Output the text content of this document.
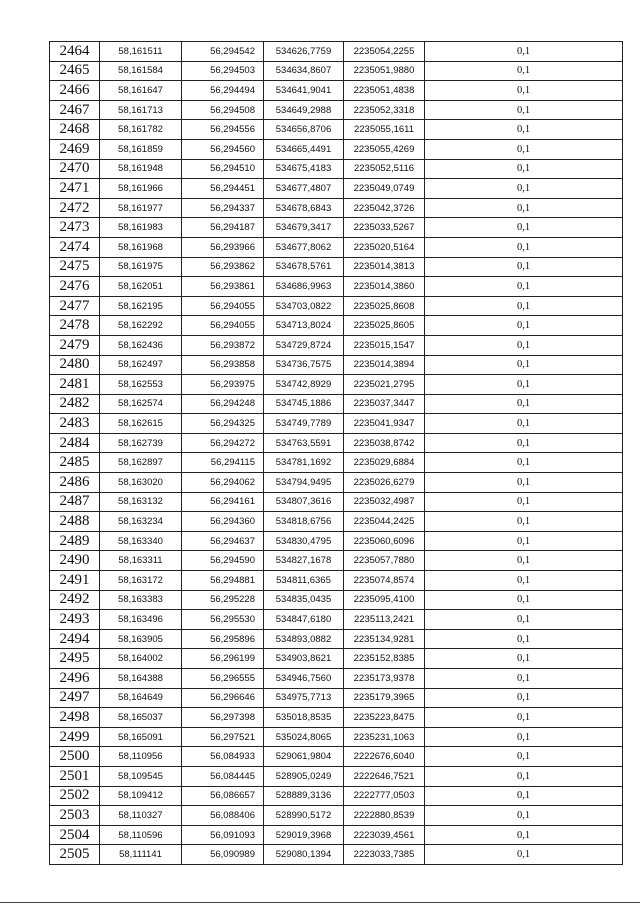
2464	58,161511	56,294542	534626,7759	2235054,2255	0,1
2465	58,161584	56,294503	534634,8607	2235051,9880	0,1
2466	58,161647	56,294494	534641,9041	2235051,4838	0,1
2467	58,161713	56,294508	534649,2988	2235052,3318	0,1
2468	58,161782	56,294556	534656,8706	2235055,1611	0,1
2469	58,161859	56,294560	534665,4491	2235055,4269	0,1
2470	58,161948	56,294510	534675,4183	2235052,5116	0,1
2471	58,161966	56,294451	534677,4807	2235049,0749	0,1
2472	58,161977	56,294337	534678,6843	2235042,3726	0,1
2473	58,161983	56,294187	534679,3417	2235033,5267	0,1
2474	58,161968	56,293966	534677,8062	2235020,5164	0,1
2475	58,161975	56,293862	534678,5761	2235014,3813	0,1
2476	58,162051	56,293861	534686,9963	2235014,3860	0,1
2477	58,162195	56,294055	534703,0822	2235025,8608	0,1
2478	58,162292	56,294055	534713,8024	2235025,8605	0,1
2479	58,162436	56,293872	534729,8724	2235015,1547	0,1
2480	58,162497	56,293858	534736,7575	2235014,3894	0,1
2481	58,162553	56,293975	534742,8929	2235021,2795	0,1
2482	58,162574	56,294248	534745,1886	2235037,3447	0,1
2483	58,162615	56,294325	534749,7789	2235041,9347	0,1
2484	58,162739	56,294272	534763,5591	2235038,8742	0,1
2485	58,162897	56,294115	534781,1692	2235029,6884	0,1
2486	58,163020	56,294062	534794,9495	2235026,6279	0,1
2487	58,163132	56,294161	534807,3616	2235032,4987	0,1
2488	58,163234	56,294360	534818,6756	2235044,2425	0,1
2489	58,163340	56,294637	534830,4795	2235060,6096	0,1
2490	58,163311	56,294590	534827,1678	2235057,7880	0,1
2491	58,163172	56,294881	534811,6365	2235074,8574	0,1
2492	58,163383	56,295228	534835,0435	2235095,4100	0,1
2493	58,163496	56,295530	534847,6180	2235113,2421	0,1
2494	58,163905	56,295896	534893,0882	2235134,9281	0,1
2495	58,164002	56,296199	534903,8621	2235152,8385	0,1
2496	58,164388	56,296555	534946,7560	2235173,9378	0,1
2497	58,164649	56,296646	534975,7713	2235179,3965	0,1
2498	58,165037	56,297398	535018,8535	2235223,8475	0,1
2499	58,165091	56,297521	535024,8065	2235231,1063	0,1
2500	58,110956	56,084933	529061,9804	2222676,6040	0,1
2501	58,109545	56,084445	528905,0249	2222646,7521	0,1
2502	58,109412	56,086657	528889,3136	2222777,0503	0,1
2503	58,110327	56,088406	528990,5172	2222880,8539	0,1
2504	58,110596	56,091093	529019,3968	2223039,4561	0,1
2505	58,111141	56,090989	529080,1394	2223033,7385	0,1
